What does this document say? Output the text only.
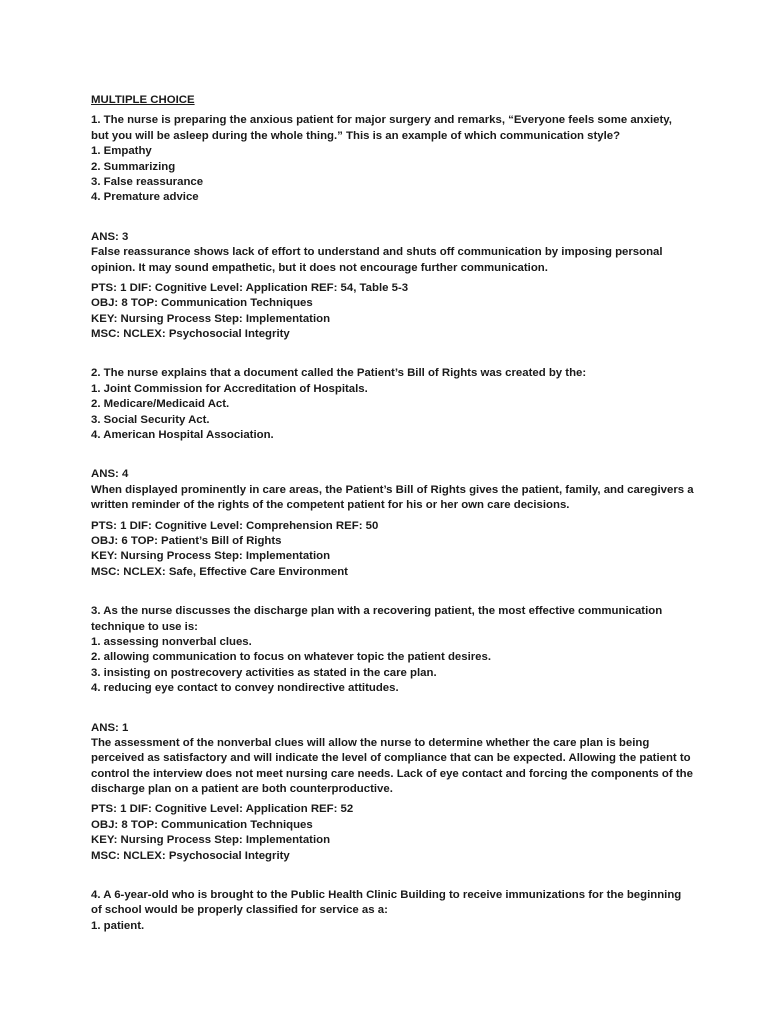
MULTIPLE CHOICE
1. The nurse is preparing the anxious patient for major surgery and remarks, “Everyone feels some anxiety,
but you will be asleep during the whole thing.” This is an example of which communication style?
1. Empathy
2. Summarizing
3. False reassurance
4. Premature advice
ANS: 3
False reassurance shows lack of effort to understand and shuts off communication by imposing personal
opinion. It may sound empathetic, but it does not encourage further communication.
PTS: 1 DIF: Cognitive Level: Application REF: 54, Table 5-3
OBJ: 8 TOP: Communication Techniques
KEY: Nursing Process Step: Implementation
MSC: NCLEX: Psychosocial Integrity
2. The nurse explains that a document called the Patient’s Bill of Rights was created by the:
1. Joint Commission for Accreditation of Hospitals.
2. Medicare/Medicaid Act.
3. Social Security Act.
4. American Hospital Association.
ANS: 4
When displayed prominently in care areas, the Patient’s Bill of Rights gives the patient, family, and caregivers a
written reminder of the rights of the competent patient for his or her own care decisions.
PTS: 1 DIF: Cognitive Level: Comprehension REF: 50
OBJ: 6 TOP: Patient’s Bill of Rights
KEY: Nursing Process Step: Implementation
MSC: NCLEX: Safe, Effective Care Environment
3. As the nurse discusses the discharge plan with a recovering patient, the most effective communication
technique to use is:
1. assessing nonverbal clues.
2. allowing communication to focus on whatever topic the patient desires.
3. insisting on postrecovery activities as stated in the care plan.
4. reducing eye contact to convey nondirective attitudes.
ANS: 1
The assessment of the nonverbal clues will allow the nurse to determine whether the care plan is being
perceived as satisfactory and will indicate the level of compliance that can be expected. Allowing the patient to
control the interview does not meet nursing care needs. Lack of eye contact and forcing the components of the
discharge plan on a patient are both counterproductive.
PTS: 1 DIF: Cognitive Level: Application REF: 52
OBJ: 8 TOP: Communication Techniques
KEY: Nursing Process Step: Implementation
MSC: NCLEX: Psychosocial Integrity
4. A 6-year-old who is brought to the Public Health Clinic Building to receive immunizations for the beginning
of school would be properly classified for service as a:
1. patient.
